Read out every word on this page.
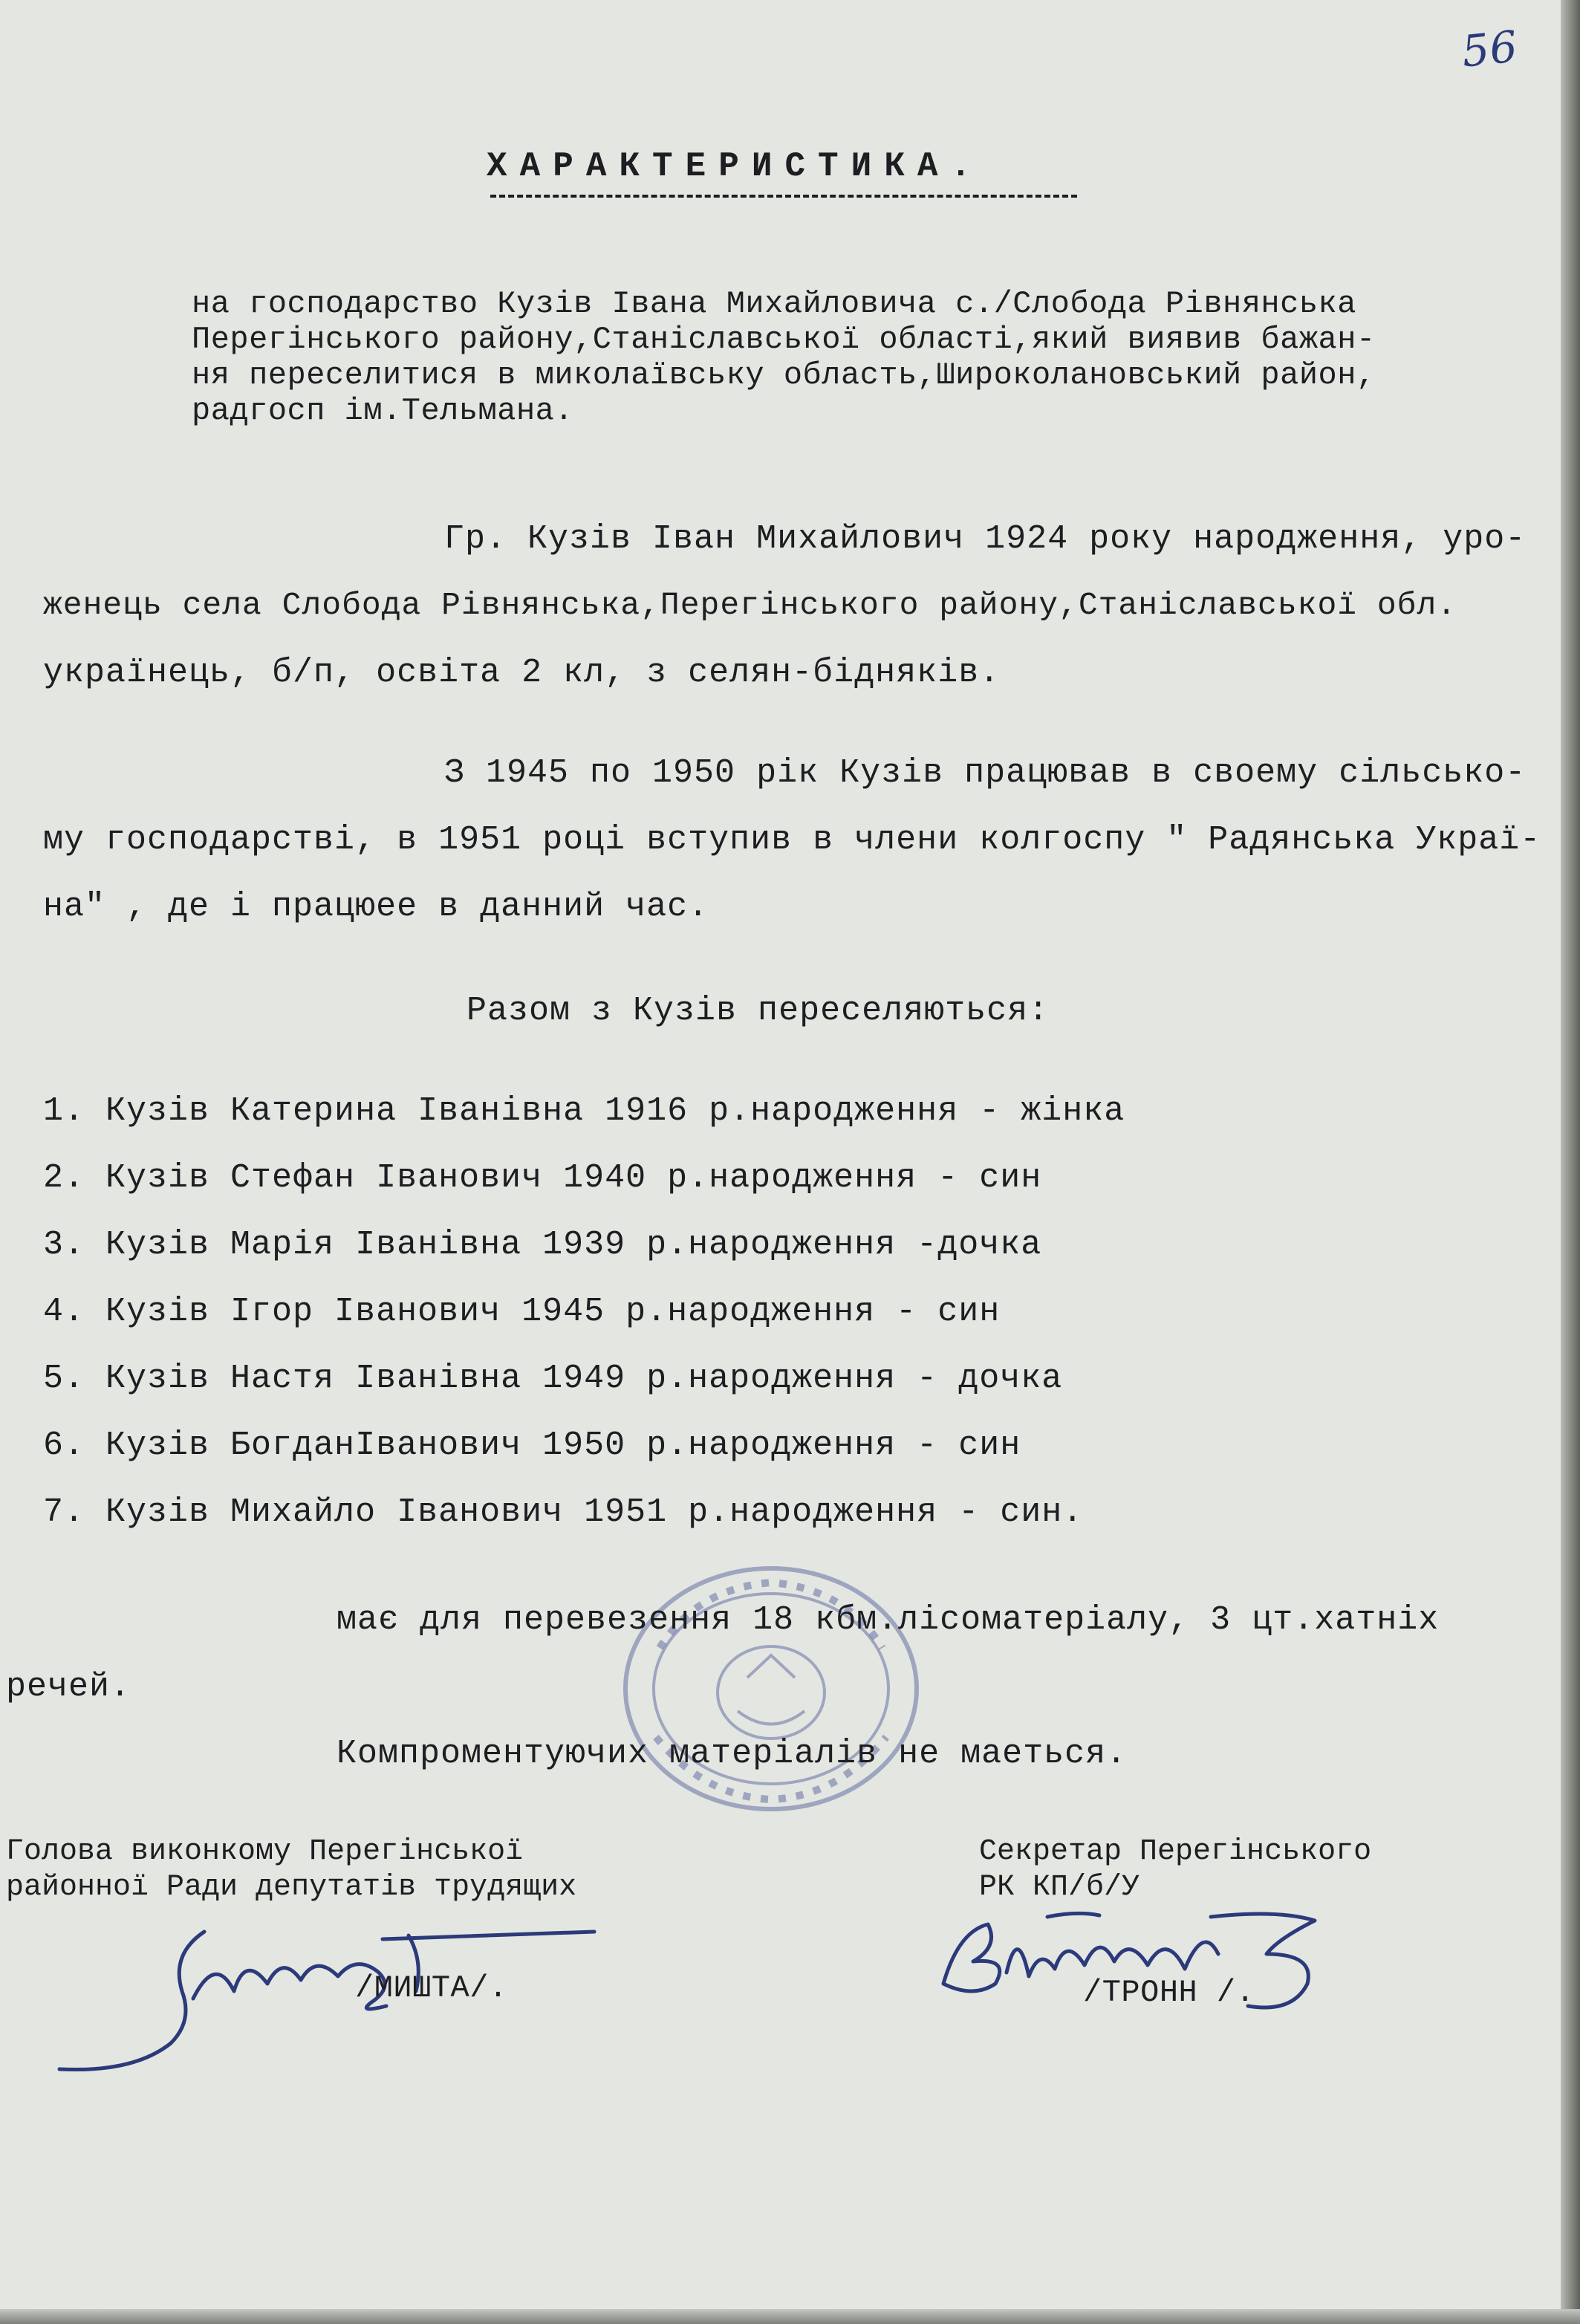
56

ХАРАКТЕРИСТИКА.

на господарство Кузів Івана Михайловича с./Слобода Рівнянська

Перегінського району,Станіславської області,який виявив бажан-

ня переселитися в миколаївську область,Широколановський район,

радгосп ім.Тельмана.

Гр. Кузів Іван Михайлович 1924 року народження, уро-

женець села Слобода Рівнянська,Перегінського району,Станіславської обл.

українець, б/п, освіта 2 кл, з селян-бідняків.

З 1945 по 1950 рік Кузів працював в своему сільсько-

му господарстві, в 1951 році вступив в члени колгоспу " Радянська Украї-

на" , де і працюее в данний час.

Разом з Кузів переселяються:

1. Кузів Катерина Іванівна 1916 р.народження - жінка

2. Кузів Стефан Іванович 1940 р.народження - син

3. Кузів Марія Іванівна 1939 р.народження -дочка

4. Кузів Ігор Іванович 1945 р.народження - син

5. Кузів Настя Іванівна 1949 р.народження - дочка

6. Кузів БогданІванович 1950 р.народження - син

7. Кузів Михайло Іванович 1951 р.народження - син.

має для перевезення 18 кбм.лісоматеріалу, 3 цт.хатніх

речей.

Компроментуючих матеріалів не маеться.

Голова виконкому Перегінської

районної Ради депутатів трудящих

/МИШТА/.

Секретар Перегінського

РК КП/б/У

/ТРОНН /.
